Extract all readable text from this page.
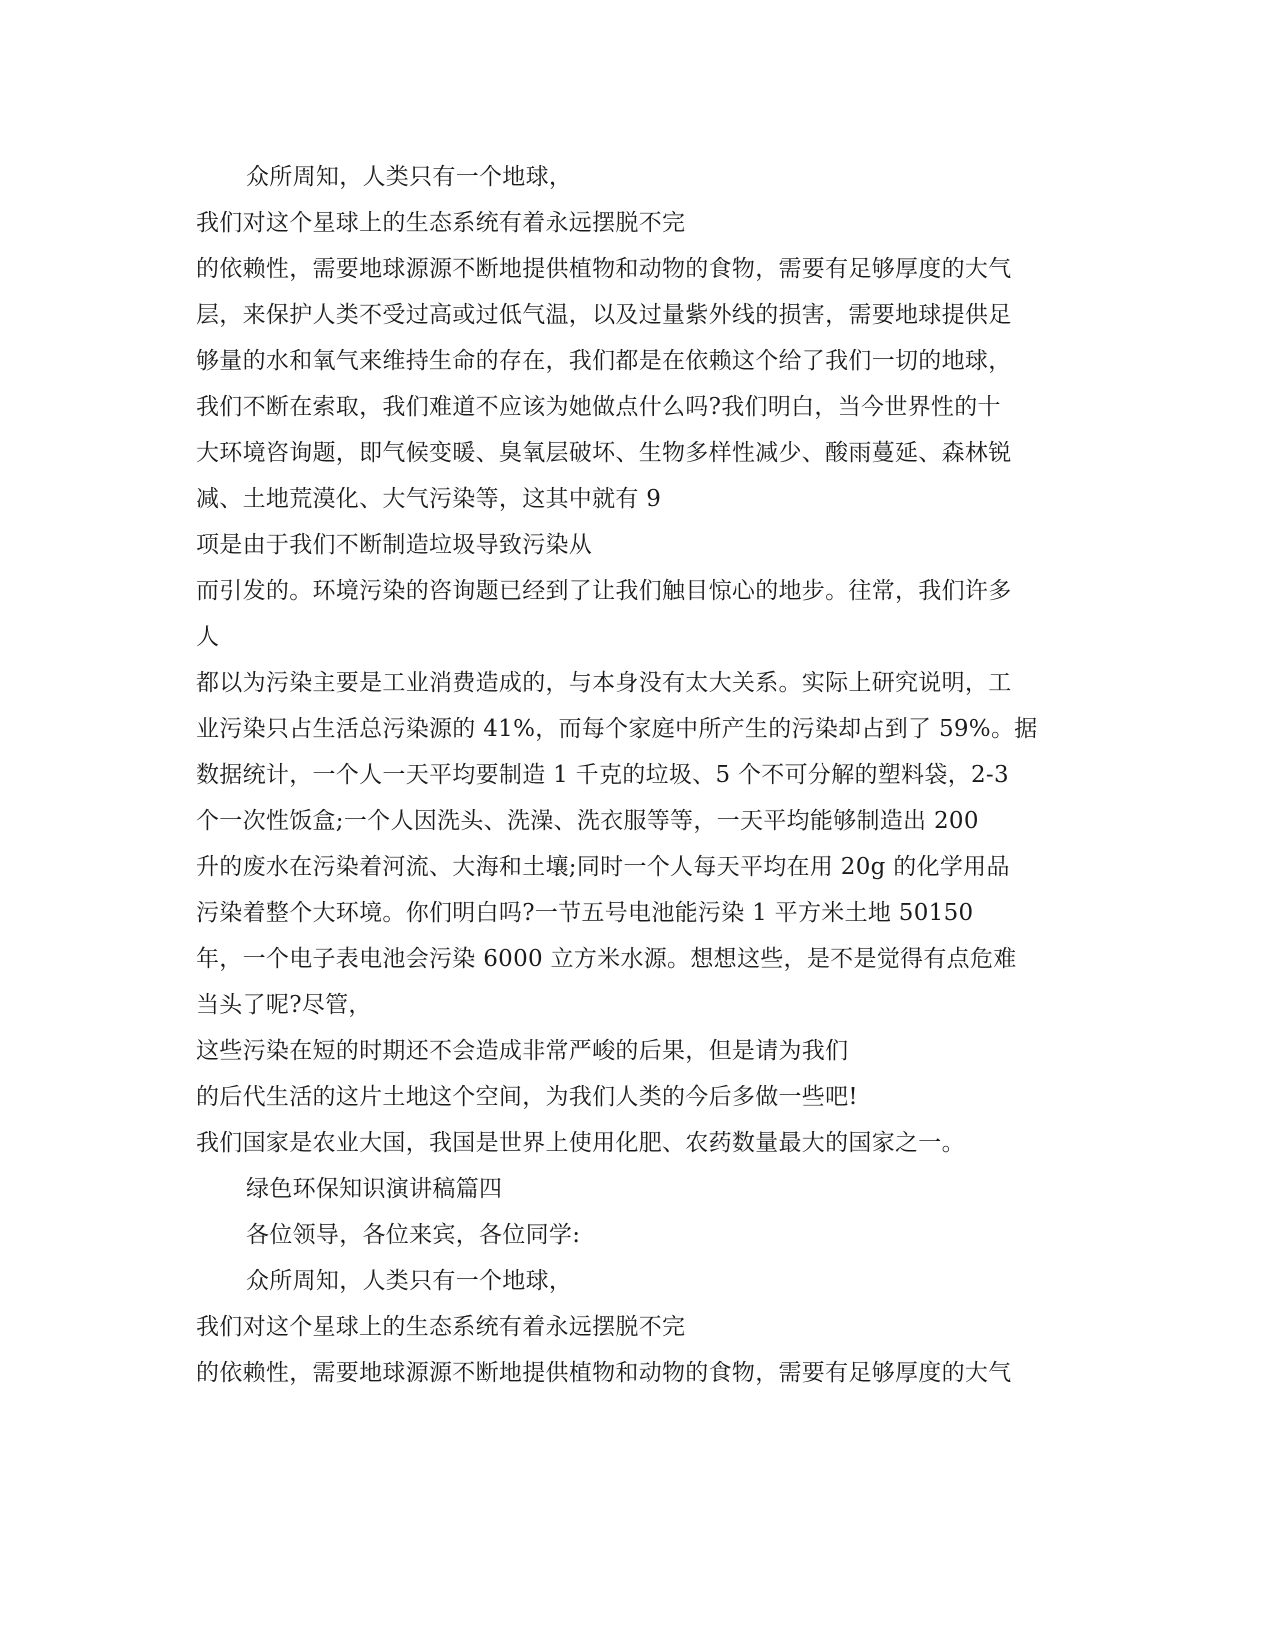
众所周知，人类只有一个地球，
我们对这个星球上的生态系统有着永远摆脱不完
的依赖性，需要地球源源不断地提供植物和动物的食物，需要有足够厚度的大气
层，来保护人类不受过高或过低气温，以及过量紫外线的损害，需要地球提供足
够量的水和氧气来维持生命的存在，我们都是在依赖这个给了我们一切的地球，
我们不断在索取，我们难道不应该为她做点什么吗?我们明白，当今世界性的十
大环境咨询题，即气候变暖、臭氧层破坏、生物多样性减少、酸雨蔓延、森林锐
减、土地荒漠化、大气污染等，这其中就有 9
项是由于我们不断制造垃圾导致污染从
而引发的。环境污染的咨询题已经到了让我们触目惊心的地步。往常，我们许多
人
都以为污染主要是工业消费造成的，与本身没有太大关系。实际上研究说明，工
业污染只占生活总污染源的 41%，而每个家庭中所产生的污染却占到了 59%。据
数据统计，一个人一天平均要制造 1 千克的垃圾、5 个不可分解的塑料袋，2-3
个一次性饭盒;一个人因洗头、洗澡、洗衣服等等，一天平均能够制造出 200
升的废水在污染着河流、大海和土壤;同时一个人每天平均在用 20g 的化学用品
污染着整个大环境。你们明白吗?一节五号电池能污染 1 平方米土地 50150
年，一个电子表电池会污染 6000 立方米水源。想想这些，是不是觉得有点危难
当头了呢?尽管，
这些污染在短的时期还不会造成非常严峻的后果，但是请为我们
的后代生活的这片土地这个空间，为我们人类的今后多做一些吧!
我们国家是农业大国，我国是世界上使用化肥、农药数量最大的国家之一。
绿色环保知识演讲稿篇四
各位领导，各位来宾，各位同学:
众所周知，人类只有一个地球，
我们对这个星球上的生态系统有着永远摆脱不完
的依赖性，需要地球源源不断地提供植物和动物的食物，需要有足够厚度的大气
